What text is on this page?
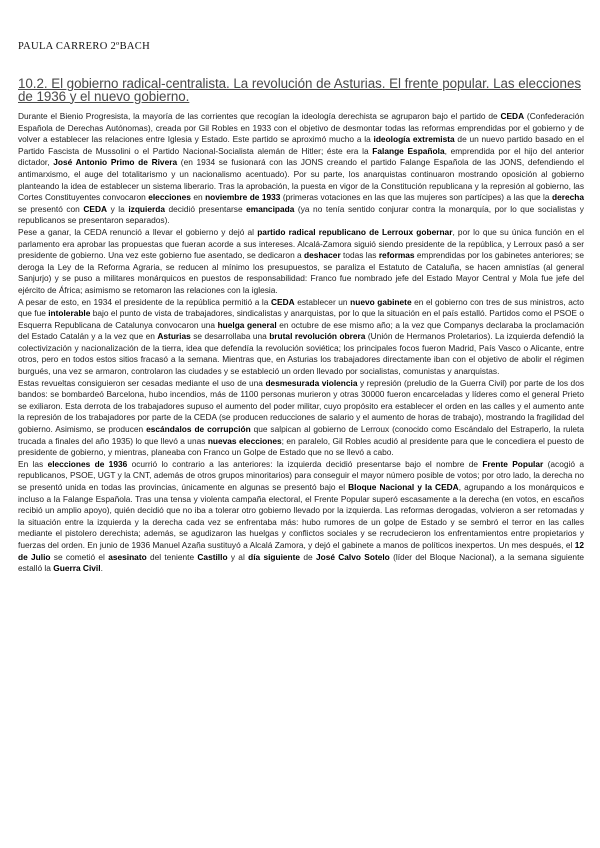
PAULA CARRERO 2ºBACH
10.2. El gobierno radical-centralista. La revolución de Asturias. El frente popular. Las elecciones de 1936 y el nuevo gobierno.

Durante el Bienio Progresista, la mayoría de las corrientes que recogían la ideología derechista se agruparon bajo el partido de CEDA (Confederación Española de Derechas Autónomas), creada por Gil Robles en 1933 con el objetivo de desmontar todas las reformas emprendidas por el gobierno y de volver a establecer las relaciones entre Iglesia y Estado. Este partido se aproximó mucho a la ideología extremista de un nuevo partido basado en el Partido Fascista de Mussolini o el Partido Nacional-Socialista alemán de Hitler; éste era la Falange Española, emprendida por el hijo del anterior dictador, José Antonio Primo de Rivera (en 1934 se fusionará con las JONS creando el partido Falange Española de las JONS, defendiendo el antimarxismo, el auge del totalitarismo y un nacionalismo acentuado). Por su parte, los anarquistas continuaron mostrando oposición al gobierno planteando la idea de establecer un sistema liberario. Tras la aprobación, la puesta en vigor de la Constitución republicana y la represión al gobierno, las Cortes Constituyentes convocaron elecciones en noviembre de 1933 (primeras votaciones en las que las mujeres son partícipes) a las que la derecha se presentó con CEDA y la izquierda decidió presentarse emancipada (ya no tenía sentido conjurar contra la monarquía, por lo que socialistas y republicanos se presentaron separados).

Pese a ganar, la CEDA renunció a llevar el gobierno y dejó al partido radical republicano de Lerroux gobernar, por lo que su única función en el parlamento era aprobar las propuestas que fueran acorde a sus intereses. Alcalá-Zamora siguió siendo presidente de la república, y Lerroux pasó a ser presidente de gobierno. Una vez este gobierno fue asentado, se dedicaron a deshacer todas las reformas emprendidas por los gabinetes anteriores; se deroga la Ley de la Reforma Agraria, se reducen al mínimo los presupuestos, se paraliza el Estatuto de Cataluña, se hacen amnistías (al general Sanjurjo) y se puso a militares monárquicos en puestos de responsabilidad: Franco fue nombrado jefe del Estado Mayor Central y Mola fue jefe del ejército de África; asimismo se retomaron las relaciones con la iglesia.

A pesar de esto, en 1934 el presidente de la república permitió a la CEDA establecer un nuevo gabinete en el gobierno con tres de sus ministros, acto que fue intolerable bajo el punto de vista de trabajadores, sindicalistas y anarquistas, por lo que la situación en el país estalló. Partidos como el PSOE o Esquerra Republicana de Catalunya convocaron una huelga general en octubre de ese mismo año; a la vez que Companys declaraba la proclamación del Estado Catalán y a la vez que en Asturias se desarrollaba una brutal revolución obrera (Unión de Hermanos Proletarios). La izquierda defendió la colectivización y nacionalización de la tierra, idea que defendía la revolución soviética; los principales focos fueron Madrid, País Vasco o Alicante, entre otros, pero en todos estos sitios fracasó a la semana. Mientras que, en Asturias los trabajadores directamente iban con el objetivo de abolir el régimen burgués, una vez se armaron, controlaron las ciudades y se estableció un orden llevado por socialistas, comunistas y anarquistas.

Estas revueltas consiguieron ser cesadas mediante el uso de una desmesurada violencia y represión (preludio de la Guerra Civil) por parte de los dos bandos: se bombardeó Barcelona, hubo incendios, más de 1100 personas murieron y otras 30000 fueron encarceladas y líderes como el general Prieto se exiliaron. Esta derrota de los trabajadores supuso el aumento del poder militar, cuyo propósito era establecer el orden en las calles y el aumento ante la represión de los trabajadores por parte de la CEDA (se producen reducciones de salario y el aumento de horas de trabajo), mostrando la fragilidad del gobierno. Asimismo, se producen escándalos de corrupción que salpican al gobierno de Lerroux (conocido como Escándalo del Estraperlo, la ruleta trucada a finales del año 1935) lo que llevó a unas nuevas elecciones; en paralelo, Gil Robles acudió al presidente para que le concediera el puesto de presidente de gobierno, y mientras, planeaba con Franco un Golpe de Estado que no se llevó a cabo.

En las elecciones de 1936 ocurrió lo contrario a las anteriores: la izquierda decidió presentarse bajo el nombre de Frente Popular (acogió a republicanos, PSOE, UGT y la CNT, además de otros grupos minoritarios) para conseguir el mayor número posible de votos; por otro lado, la derecha no se presentó unida en todas las provincias, únicamente en algunas se presentó bajo el Bloque Nacional y la CEDA, agrupando a los monárquicos e incluso a la Falange Española. Tras una tensa y violenta campaña electoral, el Frente Popular superó escasamente a la derecha (en votos, en escaños recibió un amplio apoyo), quién decidió que no iba a tolerar otro gobierno llevado por la izquierda. Las reformas derogadas, volvieron a ser retomadas y la situación entre la izquierda y la derecha cada vez se enfrentaba más: hubo rumores de un golpe de Estado y se sembró el terror en las calles mediante el pistolero derechista; además, se agudizaron las huelgas y conflictos sociales y se recrudecieron los enfrentamientos entre propietarios y fuerzas del orden. En junio de 1936 Manuel Azaña sustituyó a Alcalá Zamora, y dejó el gabinete a manos de políticos inexpertos. Un mes después, el 12 de Julio se cometió el asesinato del teniente Castillo y al día siguiente de José Calvo Sotelo (líder del Bloque Nacional), a la semana siguiente estalló la Guerra Civil.
